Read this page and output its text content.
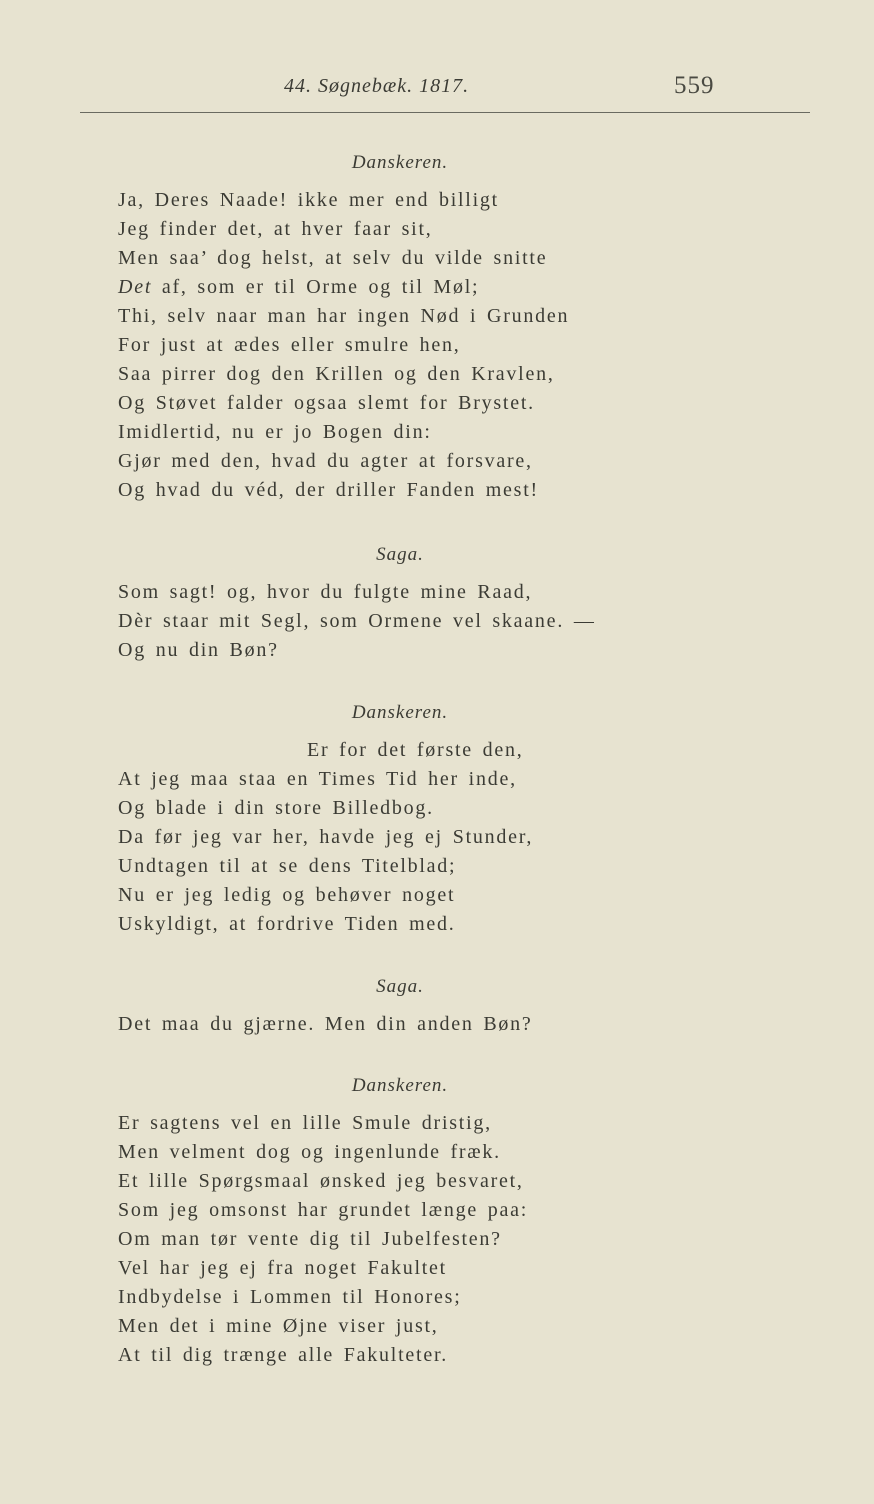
44. Søgnebæk. 1817.	559
Danskeren.
Ja, Deres Naade! ikke mer end billigt
Jeg finder det, at hver faar sit,
Men saa’ dog helst, at selv du vilde snitte
Det af, som er til Orme og til Møl;
Thi, selv naar man har ingen Nød i Grunden
For just at ædes eller smulre hen,
Saa pirrer dog den Krillen og den Kravlen,
Og Støvet falder ogsaa slemt for Brystet.
Imidlertid, nu er jo Bogen din:
Gjør med den, hvad du agter at forsvare,
Og hvad du véd, der driller Fanden mest!
Saga.
Som sagt! og, hvor du fulgte mine Raad,
Dèr staar mit Segl, som Ormene vel skaane. —
Og nu din Bøn?
Danskeren.
Er for det første den,
At jeg maa staa en Times Tid her inde,
Og blade i din store Billedbog.
Da før jeg var her, havde jeg ej Stunder,
Undtagen til at se dens Titelblad;
Nu er jeg ledig og behøver noget
Uskyldigt, at fordrive Tiden med.
Saga.
Det maa du gjærne. Men din anden Bøn?
Danskeren.
Er sagtens vel en lille Smule dristig,
Men velment dog og ingenlunde fræk.
Et lille Spørgsmaal ønsked jeg besvaret,
Som jeg omsonst har grundet længe paa:
Om man tør vente dig til Jubelfesten?
Vel har jeg ej fra noget Fakultet
Indbydelse i Lommen til Honores;
Men det i mine Øjne viser just,
At til dig trænge alle Fakulteter.
